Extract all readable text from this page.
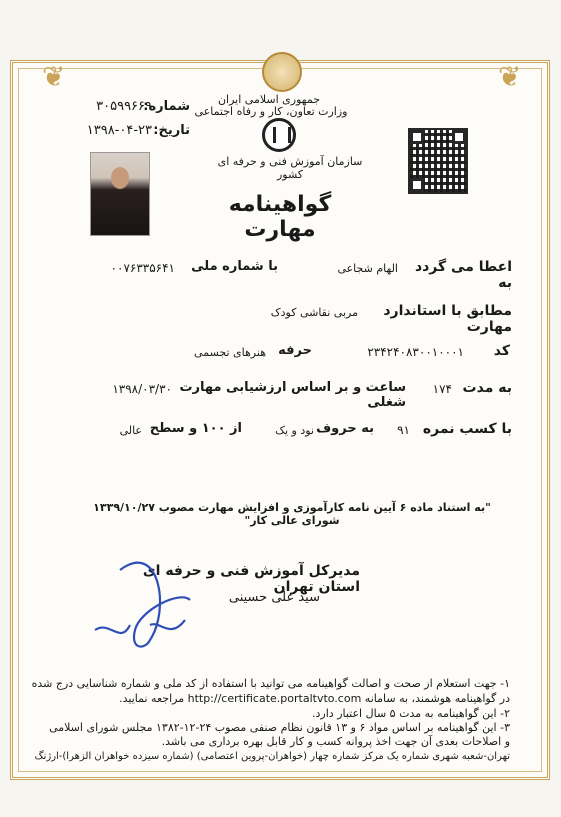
❦	❦
جمهوری اسلامی ایران
وزارت تعاون، کار و رفاه اجتماعی
سازمان آموزش فنی و حرفه ای کشور
شماره:
۳۰۵۹۹۶۶۹
تاریخ:
۱۳۹۸-۰۴-۲۳
گواهینامه مهارت
اعطا می گردد به
الهام شجاعی
با شماره ملی
۰۰۷۶۳۳۵۶۴۱
مطابق با استاندارد مهارت
مربی نقاشی کودک
کد
۲۳۴۲۴۰۸۳۰۰۱۰۰۰۱
حرفه
هنرهای تجسمی
به مدت
۱۷۴
ساعت و بر اساس ارزشیابی مهارت شغلی
۱۳۹۸/۰۳/۳۰
با کسب نمره
۹۱
به حروف
نود و یک
از ۱۰۰ و سطح
عالی
"به استناد ماده ۶ آیین نامه کارآموزی و افزایش مهارت مصوب ۱۳۳۹/۱۰/۲۷ شورای عالی کار"
مدیرکل آموزش فنی و حرفه ای استان تهران
سید علی حسینی
۱- جهت استعلام از صحت و اصالت گواهینامه می توانید با استفاده از کد ملی و شماره شناسایی درج شده
در گواهینامه هوشمند، به سامانه http://certificate.portaltvto.com مراجعه نمایید.
۲- این گواهینامه به مدت ۵ سال اعتبار دارد.
۳- این گواهینامه بر اساس مواد ۶ و ۱۳ قانون نظام صنفی مصوب ۲۴-۱۲-۱۳۸۲ مجلس شورای اسلامی
و اصلاحات بعدی آن جهت اخذ پروانه کسب و کار قابل بهره برداری می باشد.
تهران-شعبه شهری شماره یک مرکز شماره چهار (خواهران-پروین اعتصامی) (شماره سیزده خواهران الزهرا)-ارژنگ
